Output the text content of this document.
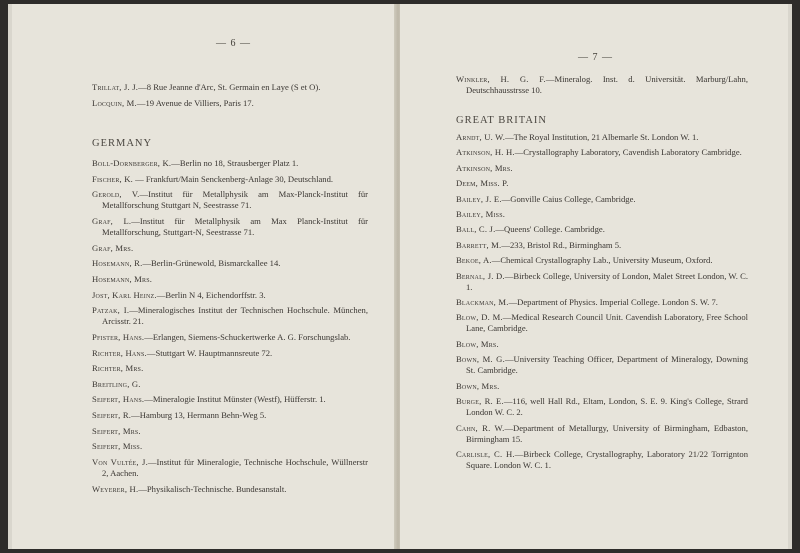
— 6 —
Trillat, J. J.—8 Rue Jeanne d'Arc, St. Germain en Laye (S et O).
Locquin, M.—19 Avenue de Villiers, Paris 17.
GERMANY
Boll-Dornberger, K.—Berlin no 18, Strausberger Platz 1.
Fischer, K. — Frankfurt/Main Senckenberg-Anlage 30, Deutschland.
Gerold, V.—Institut für Metallphysik am Max-Planck-Institut für Metallforschung Stuttgart N, Seestrasse 71.
Graf, L.—Institut für Metallphysik am Max Planck-Institut für Metallforschung, Stuttgart-N, Seestrasse 71.
Graf, Mrs.
Hosemann, R.—Berlin-Grünewold, Bismarckallee 14.
Hosemann, Mrs.
Jost, Karl Heinz.—Berlin N 4, Eichendorffstr. 3.
Patzak, I.—Mineralogisches Institut der Technischen Hochschule. München, Arcisstr. 21.
Pfister, Hans.—Erlangen, Siemens-Schuckertwerke A. G. Forschungslab.
Richter, Hans.—Stuttgart W. Hauptmannsreute 72.
Richter, Mrs.
Breitling, G.
Seifert, Hans.—Mineralogie Institut Münster (Westf), Hüfferstr. 1.
Seifert, R.—Hamburg 13, Hermann Behn-Weg 5.
Seifert, Mrs.
Seifert, Miss.
Von Vultée, J.—Institut für Mineralogie, Technische Hochschule, Wüllnerstr 2, Aachen.
Weyerer, H.—Physikalisch-Technische. Bundesanstalt.
— 7 —
Winkler, H. G. F.—Mineralog. Inst. d. Universität. Marburg/Lahn, Deutschhausstrsse 10.
GREAT BRITAIN
Arndt, U. W.—The Royal Institution, 21 Albemarle St. London W. 1.
Atkinson, H. H.—Crystallography Laboratory, Cavendish Laboratory Cambridge.
Atkinson, Mrs.
Deem, Miss. P.
Bailey, J. E.—Gonville Caius College, Cambridge.
Bailey, Miss.
Ball, C. J.—Queens' College. Cambridge.
Barrett, M.—233, Bristol Rd., Birmingham 5.
Bekoe, A.—Chemical Crystallography Lab., University Museum, Oxford.
Bernal, J. D.—Birbeck College, University of London, Malet Street London, W. C. 1.
Blackman, M.—Department of Physics. Imperial College. London S. W. 7.
Blow, D. M.—Medical Research Council Unit. Cavendish Laboratory, Free School Lane, Cambridge.
Blow, Mrs.
Bown, M. G.—University Teaching Officer, Department of Mineralogy, Downing St. Cambridge.
Bown, Mrs.
Burge, R. E.—116, well Hall Rd., Eltam, London, S. E. 9. King's College, Strard London W. C. 2.
Cahn, R. W.—Department of Metallurgy, University of Birmingham, Edbaston, Birmingham 15.
Carlisle, C. H.—Birbeck College, Crystallography, Laboratory 21/22 Torrignton Square. London W. C. 1.
